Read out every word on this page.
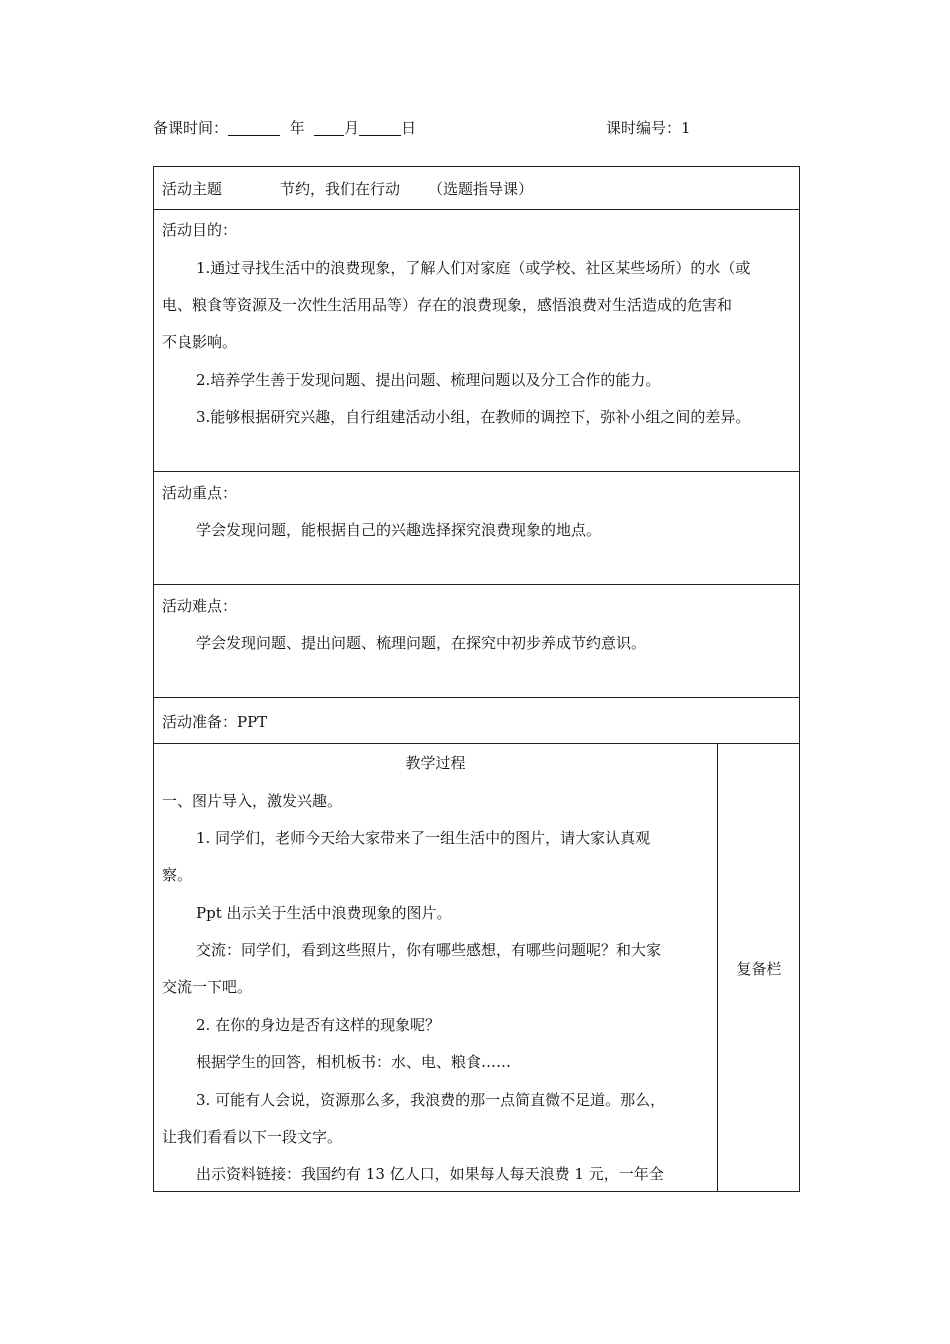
备课时间：	年	月	日	课时编号：1
活动主题	节约，我们在行动 （选题指导课）
活动目的：
1.通过寻找生活中的浪费现象，了解人们对家庭（或学校、社区某些场所）的水（或
电、粮食等资源及一次性生活用品等）存在的浪费现象，感悟浪费对生活造成的危害和
不良影响。
2.培养学生善于发现问题、提出问题、梳理问题以及分工合作的能力。
3.能够根据研究兴趣，自行组建活动小组，在教师的调控下，弥补小组之间的差异。
活动重点：
学会发现问题，能根据自己的兴趣选择探究浪费现象的地点。
活动难点：
学会发现问题、提出问题、梳理问题，在探究中初步养成节约意识。
活动准备：PPT
教学过程
一、图片导入，激发兴趣。
1. 同学们，老师今天给大家带来了一组生活中的图片，请大家认真观
察。
Ppt 出示关于生活中浪费现象的图片。
交流：同学们，看到这些照片，你有哪些感想，有哪些问题呢？和大家
交流一下吧。
2. 在你的身边是否有这样的现象呢？
根据学生的回答，相机板书：水、电、粮食……
3. 可能有人会说，资源那么多，我浪费的那一点简直微不足道。那么，
让我们看看以下一段文字。
出示资料链接：我国约有 13 亿人口，如果每人每天浪费 1 元，一年全
复备栏
